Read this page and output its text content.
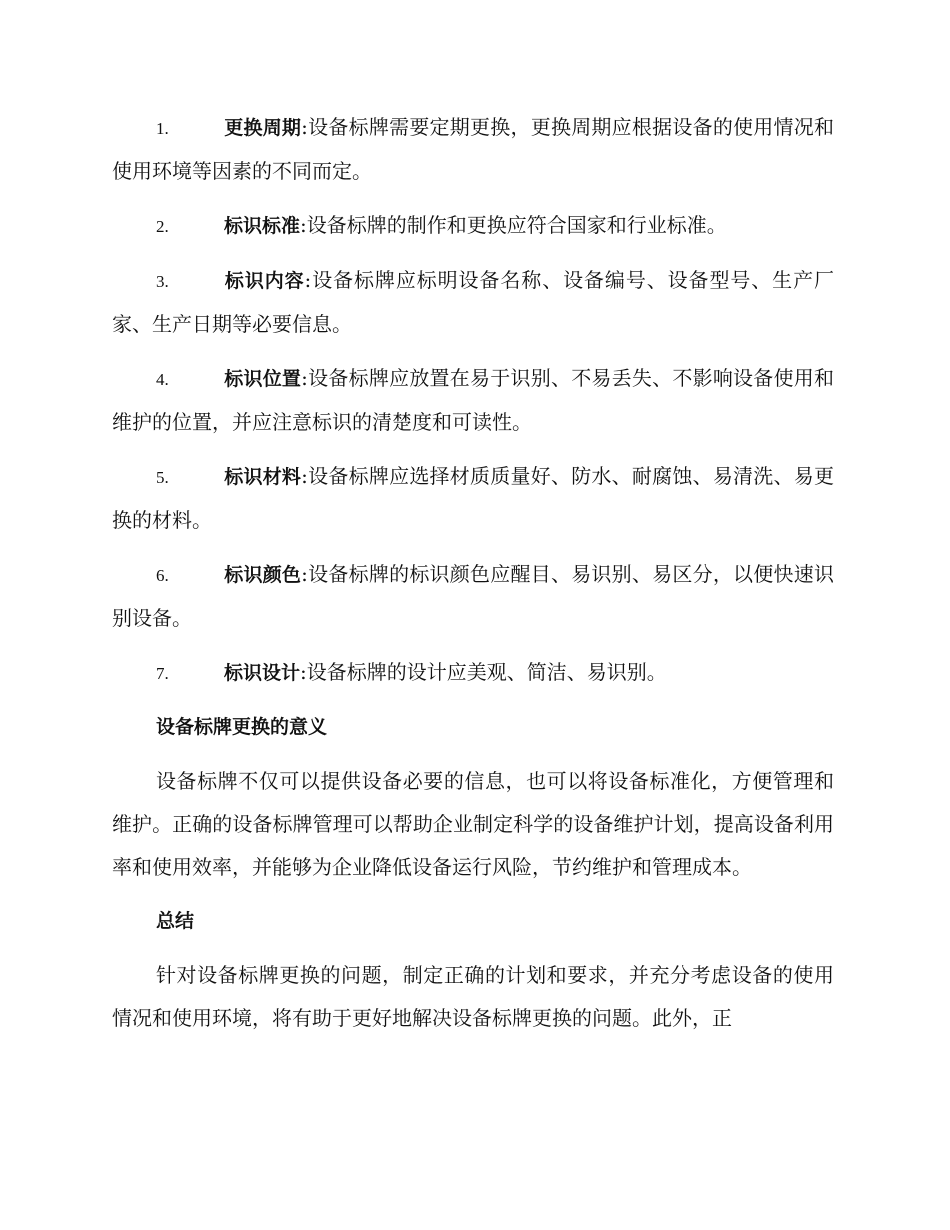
1.	更换周期:设备标牌需要定期更换，更换周期应根据设备的使用情况和使用环境等因素的不同而定。

2.	标识标准:设备标牌的制作和更换应符合国家和行业标准。

3.	标识内容:设备标牌应标明设备名称、设备编号、设备型号、生产厂家、生产日期等必要信息。

4.	标识位置:设备标牌应放置在易于识别、不易丢失、不影响设备使用和维护的位置，并应注意标识的清楚度和可读性。

5.	标识材料:设备标牌应选择材质质量好、防水、耐腐蚀、易清洗、易更换的材料。

6.	标识颜色:设备标牌的标识颜色应醒目、易识别、易区分，以便快速识别设备。

7.	标识设计:设备标牌的设计应美观、简洁、易识别。

设备标牌更换的意义

设备标牌不仅可以提供设备必要的信息，也可以将设备标准化，方便管理和维护。正确的设备标牌管理可以帮助企业制定科学的设备维护计划，提高设备利用率和使用效率，并能够为企业降低设备运行风险，节约维护和管理成本。

总结

针对设备标牌更换的问题，制定正确的计划和要求，并充分考虑设备的使用情况和使用环境，将有助于更好地解决设备标牌更换的问题。此外，正
